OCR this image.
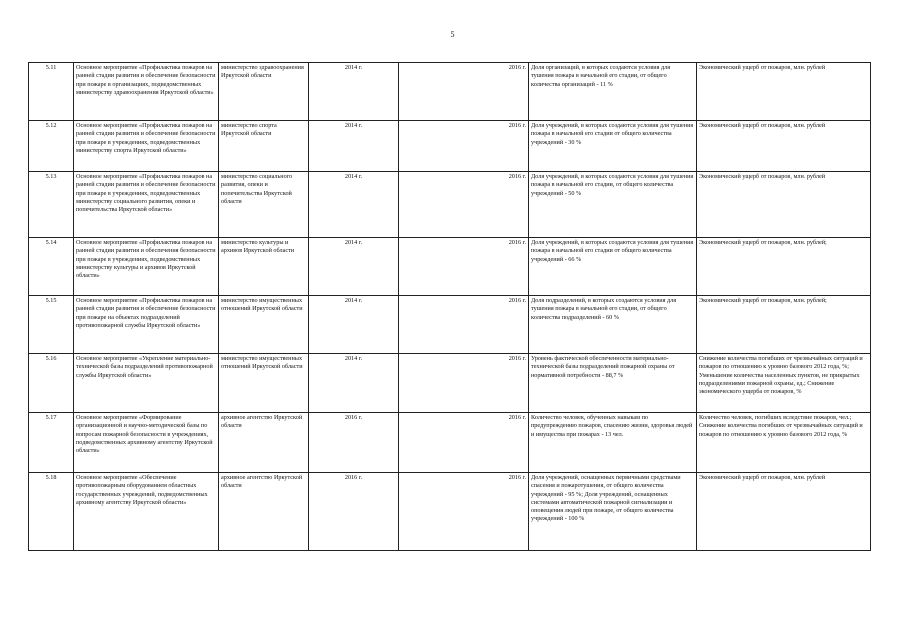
5
5.11	Основное мероприятие «Профилактика пожаров на ранней стадии развития и обеспечение безопасности при пожаре в организациях, подведомственных министерству здравоохранения Иркутской области»	министерство здравоохранения Иркутской области	2014 г.	2016 г.	Доля организаций, в которых создаются условия для тушения пожара в начальной его стадии, от общего количества организаций - 11 %	Экономический ущерб от пожаров, млн. рублей
5.12	Основное мероприятие «Профилактика пожаров на ранней стадии развития и обеспечение безопасности при пожаре в учреждениях, подведомственных министерству спорта Иркутской области»	министерство спорта Иркутской области	2014 г.	2016 г.	Доля учреждений, в которых создаются условия для тушения пожара в начальной его стадии от общего количества учреждений - 30 %	Экономический ущерб от пожаров, млн. рублей
5.13	Основное мероприятие «Профилактика пожаров на ранней стадии развития и обеспечение безопасности при пожаре в учреждениях, подведомственных министерству социального развития, опеки и попечительства Иркутской области»	министерство социального развития, опеки и попечительства Иркутской области	2014 г.	2016 г.	Доля учреждений, в которых создаются условия для тушения пожара в начальной его стадии, от общего количества учреждений - 50 %	Экономический ущерб от пожаров, млн. рублей
5.14	Основное мероприятие «Профилактика пожаров на ранней стадии развития и обеспечения безопасности при пожаре в учреждениях, подведомственных министерству культуры и архивов Иркутской области»	министерство культуры и архивов Иркутской области	2014 г.	2016 г.	Доля учреждений, в которых создаются условия для тушения пожара в начальной его стадии от общего количества учреждений - 66 %	Экономический ущерб от пожаров, млн. рублей;
5.15	Основное мероприятие «Профилактика пожаров на ранней стадии развития и обеспечение безопасности при пожаре на объектах подразделений противопожарной службы Иркутской области»	министерство имущественных отношений Иркутской области	2014 г.	2016 г.	Доля подразделений, в которых создаются условия для тушения пожара в начальной его стадии, от общего количества подразделений - 60 %	Экономический ущерб от пожаров, млн. рублей;
5.16	Основное мероприятие «Укрепление материально-технической базы подразделений противопожарной службы Иркутской области»	министерство имущественных отношений Иркутской области	2014 г.	2016 г.	Уровень фактической обеспеченности материально-технической базы подразделений пожарной охраны от нормативной потребности - 88,7 %	Снижение количества погибших от чрезвычайных ситуаций и пожаров по отношению к уровню базового 2012 года, %; Уменьшение количества населенных пунктов, не прикрытых подразделениями пожарной охраны, ед.; Снижение экономического ущерба от пожаров, %
5.17	Основное мероприятие «Формирование организационной и научно-методической базы по вопросам пожарной безопасности в учреждениях, подведомственных архивному агентству Иркутской области»	архивное агентство Иркутской области	2016 г.	2016 г.	Количество человек, обученных навыкам по предупреждению пожаров, спасению жизни, здоровья людей и имущества при пожарах - 13 чел.	Количество человек, погибших вследствие пожаров, чел.; Снижение количества погибших от чрезвычайных ситуаций и пожаров по отношению к уровню базового 2012 года, %
5.18	Основное мероприятие «Обеспечение противопожарным оборудованием областных государственных учреждений, подведомственных архивному агентству Иркутской области»	архивное агентство Иркутской области	2016 г.	2016 г.	Доля учреждений, оснащенных первичными средствами спасения и пожаротушения, от общего количества учреждений - 95 %; Доля учреждений, оснащенных системами автоматической пожарной сигнализации и оповещения людей при пожаре, от общего количества учреждений - 100 %	Экономический ущерб от пожаров, млн. рублей
